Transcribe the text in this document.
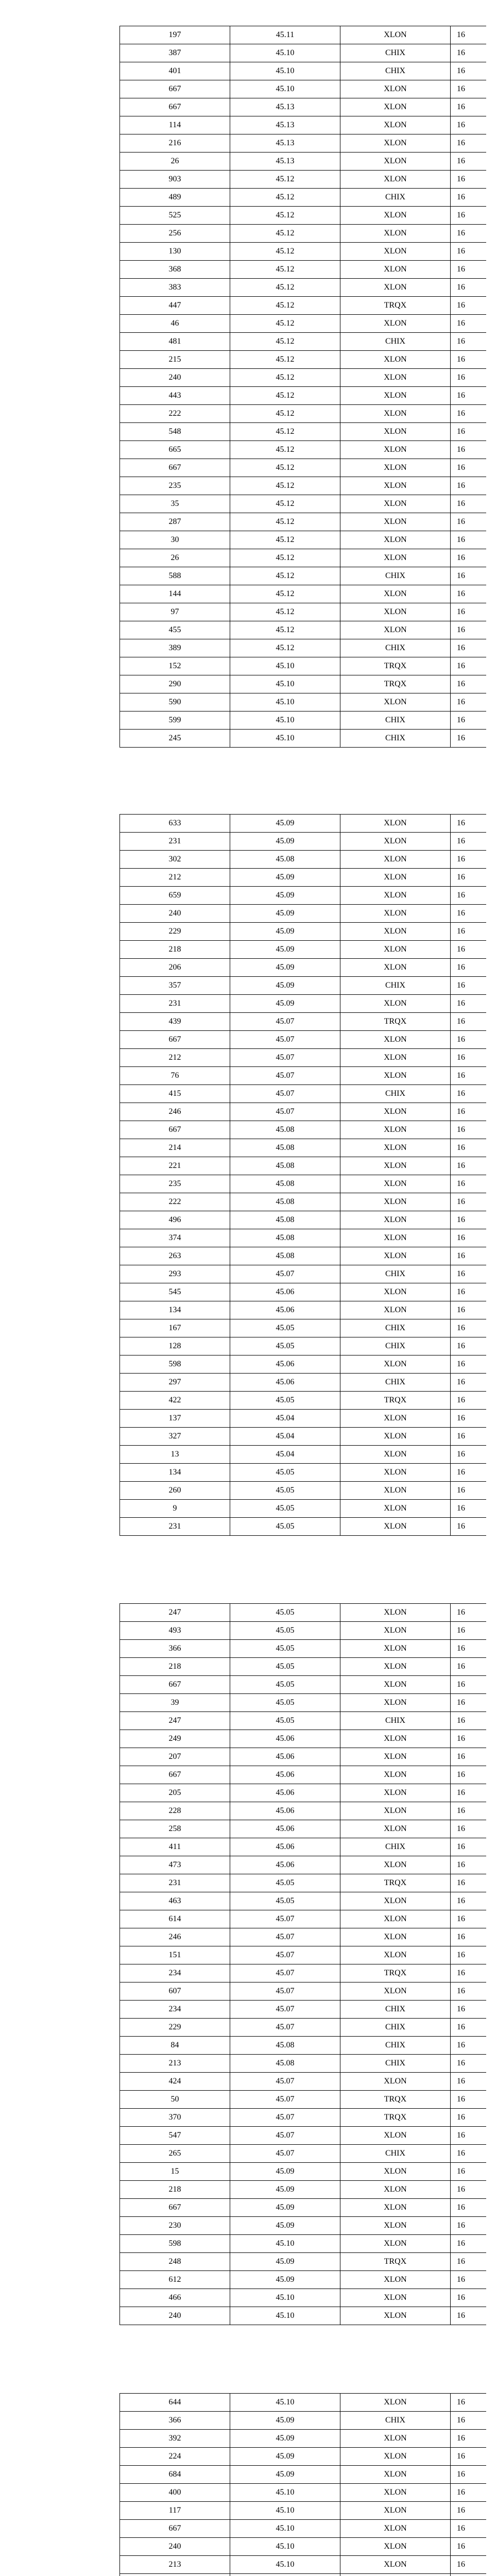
197	45.11	XLON	16
387	45.10	CHIX	16
401	45.10	CHIX	16
667	45.10	XLON	16
667	45.13	XLON	16
114	45.13	XLON	16
216	45.13	XLON	16
26	45.13	XLON	16
903	45.12	XLON	16
489	45.12	CHIX	16
525	45.12	XLON	16
256	45.12	XLON	16
130	45.12	XLON	16
368	45.12	XLON	16
383	45.12	XLON	16
447	45.12	TRQX	16
46	45.12	XLON	16
481	45.12	CHIX	16
215	45.12	XLON	16
240	45.12	XLON	16
443	45.12	XLON	16
222	45.12	XLON	16
548	45.12	XLON	16
665	45.12	XLON	16
667	45.12	XLON	16
235	45.12	XLON	16
35	45.12	XLON	16
287	45.12	XLON	16
30	45.12	XLON	16
26	45.12	XLON	16
588	45.12	CHIX	16
144	45.12	XLON	16
97	45.12	XLON	16
455	45.12	XLON	16
389	45.12	CHIX	16
152	45.10	TRQX	16
290	45.10	TRQX	16
590	45.10	XLON	16
599	45.10	CHIX	16
245	45.10	CHIX	16
633	45.09	XLON	16
231	45.09	XLON	16
302	45.08	XLON	16
212	45.09	XLON	16
659	45.09	XLON	16
240	45.09	XLON	16
229	45.09	XLON	16
218	45.09	XLON	16
206	45.09	XLON	16
357	45.09	CHIX	16
231	45.09	XLON	16
439	45.07	TRQX	16
667	45.07	XLON	16
212	45.07	XLON	16
76	45.07	XLON	16
415	45.07	CHIX	16
246	45.07	XLON	16
667	45.08	XLON	16
214	45.08	XLON	16
221	45.08	XLON	16
235	45.08	XLON	16
222	45.08	XLON	16
496	45.08	XLON	16
374	45.08	XLON	16
263	45.08	XLON	16
293	45.07	CHIX	16
545	45.06	XLON	16
134	45.06	XLON	16
167	45.05	CHIX	16
128	45.05	CHIX	16
598	45.06	XLON	16
297	45.06	CHIX	16
422	45.05	TRQX	16
137	45.04	XLON	16
327	45.04	XLON	16
13	45.04	XLON	16
134	45.05	XLON	16
260	45.05	XLON	16
9	45.05	XLON	16
231	45.05	XLON	16
247	45.05	XLON	16
493	45.05	XLON	16
366	45.05	XLON	16
218	45.05	XLON	16
667	45.05	XLON	16
39	45.05	XLON	16
247	45.05	CHIX	16
249	45.06	XLON	16
207	45.06	XLON	16
667	45.06	XLON	16
205	45.06	XLON	16
228	45.06	XLON	16
258	45.06	XLON	16
411	45.06	CHIX	16
473	45.06	XLON	16
231	45.05	TRQX	16
463	45.05	XLON	16
614	45.07	XLON	16
246	45.07	XLON	16
151	45.07	XLON	16
234	45.07	TRQX	16
607	45.07	XLON	16
234	45.07	CHIX	16
229	45.07	CHIX	16
84	45.08	CHIX	16
213	45.08	CHIX	16
424	45.07	XLON	16
50	45.07	TRQX	16
370	45.07	TRQX	16
547	45.07	XLON	16
265	45.07	CHIX	16
15	45.09	XLON	16
218	45.09	XLON	16
667	45.09	XLON	16
230	45.09	XLON	16
598	45.10	XLON	16
248	45.09	TRQX	16
612	45.09	XLON	16
466	45.10	XLON	16
240	45.10	XLON	16
644	45.10	XLON	16
366	45.09	CHIX	16
392	45.09	XLON	16
224	45.09	XLON	16
684	45.09	XLON	16
400	45.10	XLON	16
117	45.10	XLON	16
667	45.10	XLON	16
240	45.10	XLON	16
213	45.10	XLON	16
